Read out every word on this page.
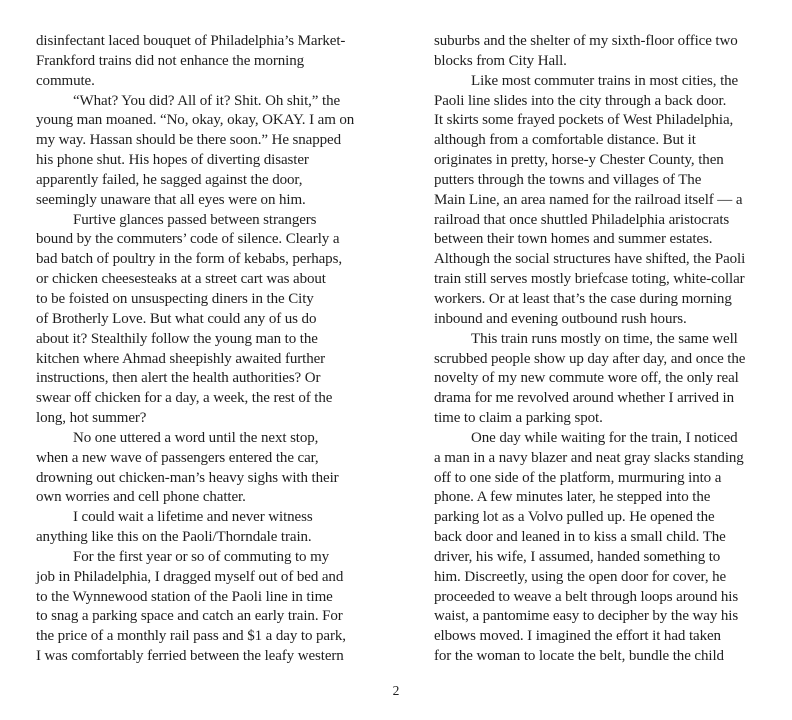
disinfectant laced bouquet of Philadelphia’s Market-
Frankford trains did not enhance the morning
commute.
“What? You did? All of it? Shit. Oh shit,” the
young man moaned. “No, okay, okay, OKAY. I am on
my way. Hassan should be there soon.” He snapped
his phone shut. His hopes of diverting disaster
apparently failed, he sagged against the door,
seemingly unaware that all eyes were on him.
Furtive glances passed between strangers
bound by the commuters’ code of silence. Clearly a
bad batch of poultry in the form of kebabs, perhaps,
or chicken cheesesteaks at a street cart was about
to be foisted on unsuspecting diners in the City
of Brotherly Love. But what could any of us do
about it? Stealthily follow the young man to the
kitchen where Ahmad sheepishly awaited further
instructions, then alert the health authorities? Or
swear off chicken for a day, a week, the rest of the
long, hot summer?
No one uttered a word until the next stop,
when a new wave of passengers entered the car,
drowning out chicken-man’s heavy sighs with their
own worries and cell phone chatter.
I could wait a lifetime and never witness
anything like this on the Paoli/Thorndale train.
For the first year or so of commuting to my
job in Philadelphia, I dragged myself out of bed and
to the Wynnewood station of the Paoli line in time
to snag a parking space and catch an early train. For
the price of a monthly rail pass and $1 a day to park,
I was comfortably ferried between the leafy western
suburbs and the shelter of my sixth-floor office two
blocks from City Hall.
Like most commuter trains in most cities, the
Paoli line slides into the city through a back door.
It skirts some frayed pockets of West Philadelphia,
although from a comfortable distance. But it
originates in pretty, horse-y Chester County, then
putters through the towns and villages of The
Main Line, an area named for the railroad itself — a
railroad that once shuttled Philadelphia aristocrats
between their town homes and summer estates.
Although the social structures have shifted, the Paoli
train still serves mostly briefcase toting, white-collar
workers. Or at least that’s the case during morning
inbound and evening outbound rush hours.
This train runs mostly on time, the same well
scrubbed people show up day after day, and once the
novelty of my new commute wore off, the only real
drama for me revolved around whether I arrived in
time to claim a parking spot.
One day while waiting for the train, I noticed
a man in a navy blazer and neat gray slacks standing
off to one side of the platform, murmuring into a
phone. A few minutes later, he stepped into the
parking lot as a Volvo pulled up. He opened the
back door and leaned in to kiss a small child. The
driver, his wife, I assumed, handed something to
him. Discreetly, using the open door for cover, he
proceeded to weave a belt through loops around his
waist, a pantomime easy to decipher by the way his
elbows moved. I imagined the effort it had taken
for the woman to locate the belt, bundle the child
2
